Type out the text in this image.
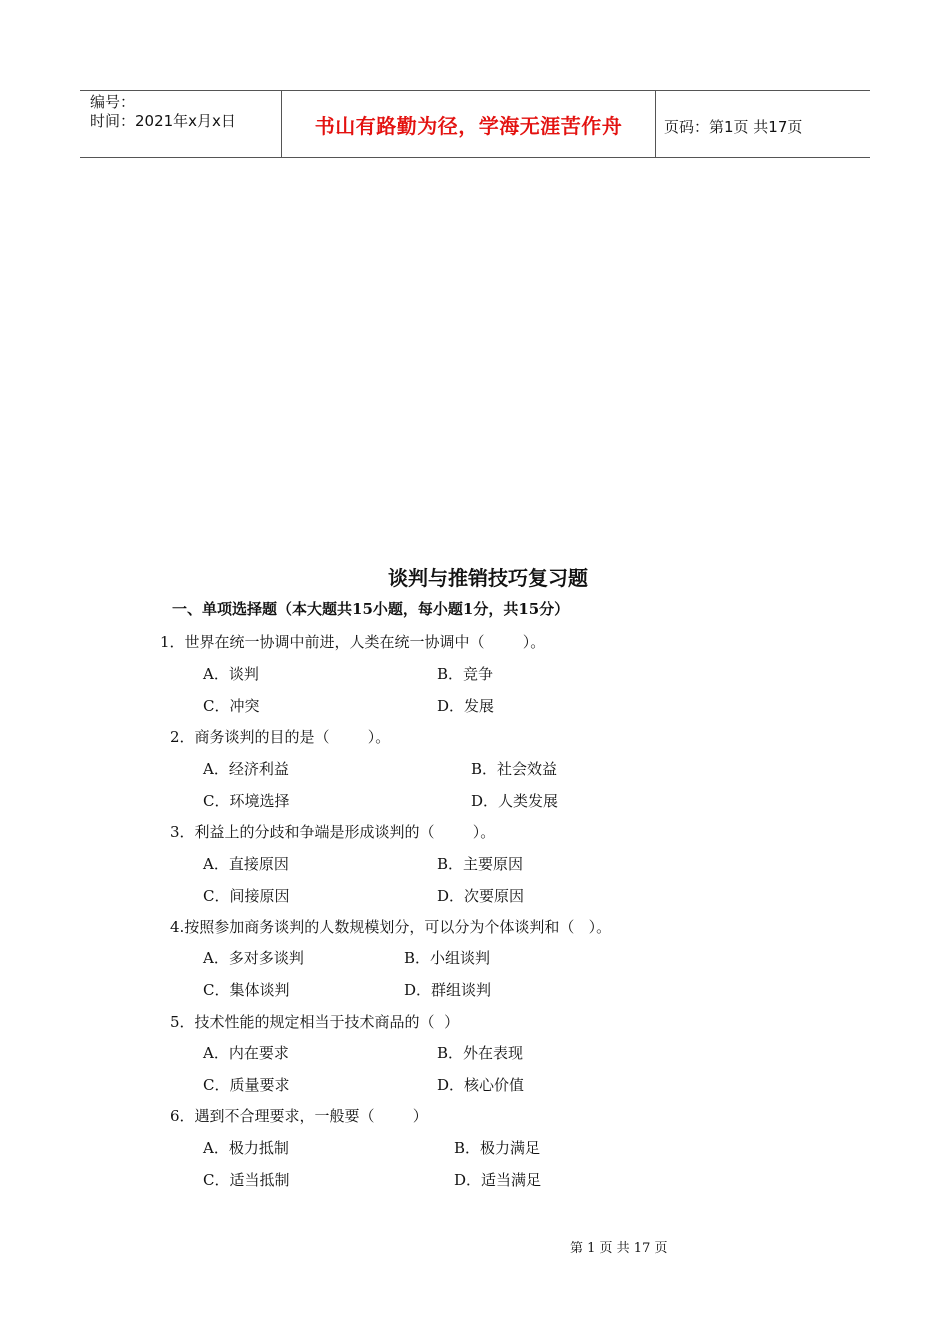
编号：
时间：2021年x月x日	书山有路勤为径，学海无涯苦作舟	页码：第1页 共17页
谈判与推销技巧复习题
一、单项选择题（本大题共15小题，每小题1分，共15分）
1．世界在统一协调中前进，人类在统一协调中（        ）。
A．谈判	B．竞争
C．冲突	D．发展
2．商务谈判的目的是（        ）。
A．经济利益	B．社会效益
C．环境选择	D．人类发展
3．利益上的分歧和争端是形成谈判的（        ）。
A．直接原因	B．主要原因
C．间接原因	D．次要原因
4.按照参加商务谈判的人数规模划分，可以分为个体谈判和（   ）。
A．多对多谈判	B．小组谈判
C．集体谈判	D．群组谈判
5．技术性能的规定相当于技术商品的（  ）
A．内在要求	B．外在表现
C．质量要求	D．核心价值
6．遇到不合理要求，一般要（        ）
A．极力抵制	B．极力满足
C．适当抵制	D．适当满足
第 1 页 共 17 页
